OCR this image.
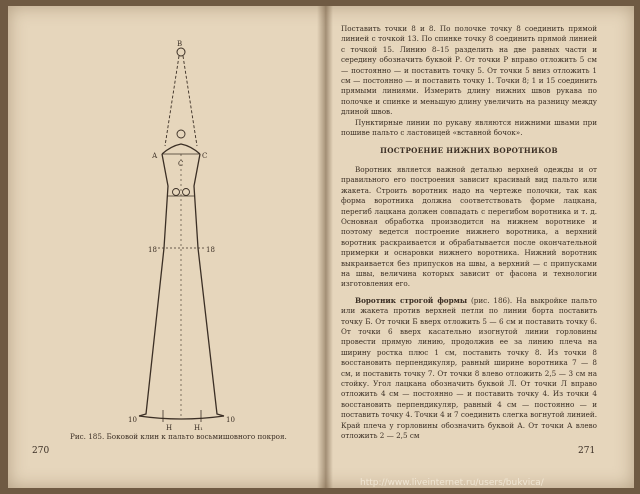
В
А
С
С
18	18
10
Н	Н₁
10
270
Рис. 185. Боковой клин к пальто восьмишовного покроя.

Поставить точки 8 и 8. По полочке точку 8 соединить прямой линией с точкой 13. По спинке точку 8 соединить прямой линией с точкой 15. Линию 8–15 разделить на две равных части и середину обозначить буквой Р. От точки Р вправо отложить 5 см — постоянно — и поставить точку 5. От точки 5 вниз отложить 1 см — постоянно — и поставить точку 1. Точки 8; 1 и 15 соединить прямыми линиями. Измерить длину нижних швов рукава по полочке и спинке и меньшую длину увеличить на разницу между длиной швов.

Пунктирные линии по рукаву являются нижними швами при пошиве пальто с ластовицей «вставной бочок».

ПОСТРОЕНИЕ НИЖНИХ ВОРОТНИКОВ

Воротник является важной деталью верхней одежды и от правильного его построения зависит красивый вид пальто или жакета. Строить воротник надо на чертеже полочки, так как форма воротника должна соответствовать форме лацкана, перегиб лацкана должен совпадать с перегибом воротника и т. д. Основная обработка производится на нижнем воротнике и поэтому ведется построение нижнего воротника, а верхний воротник раскраивается и обрабатывается после окончательной примерки и оснаровки нижнего воротника. Нижний воротник выкраивается без припусков на швы, а верхний — с припусками на швы, величина которых зависит от фасона и технологии изготовления его.

Воротник строгой формы (рис. 186). На выкройке пальто или жакета против верхней петли по линии борта поставить точку Б. От точки Б вверх отложить 5 — 6 см и поставить точку 6. От точки 6 вверх касательно изогнутой линии горловины провести прямую линию, продолжив ее за линию плеча на ширину ростка плюс 1 см, поставить точку 8. Из точки 8 восстановить перпендикуляр, равный ширине воротника 7 — 8 см, и поставить точку 7. От точки 8 влево отложить 2,5 — 3 см на стойку. Угол лацкана обозначить буквой Л. От точки Л вправо отложить 4 см — постоянно — и поставить точку 4. Из точки 4 восстановить перпендикуляр, равный 4 см — постоянно — и поставить точку 4. Точки 4 и 7 соединить слегка вогнутой линией. Край плеча у горловины обозначить буквой А. От точки А влево отложить 2 — 2,5 см

271
http://www.liveinternet.ru/users/bukvica/
